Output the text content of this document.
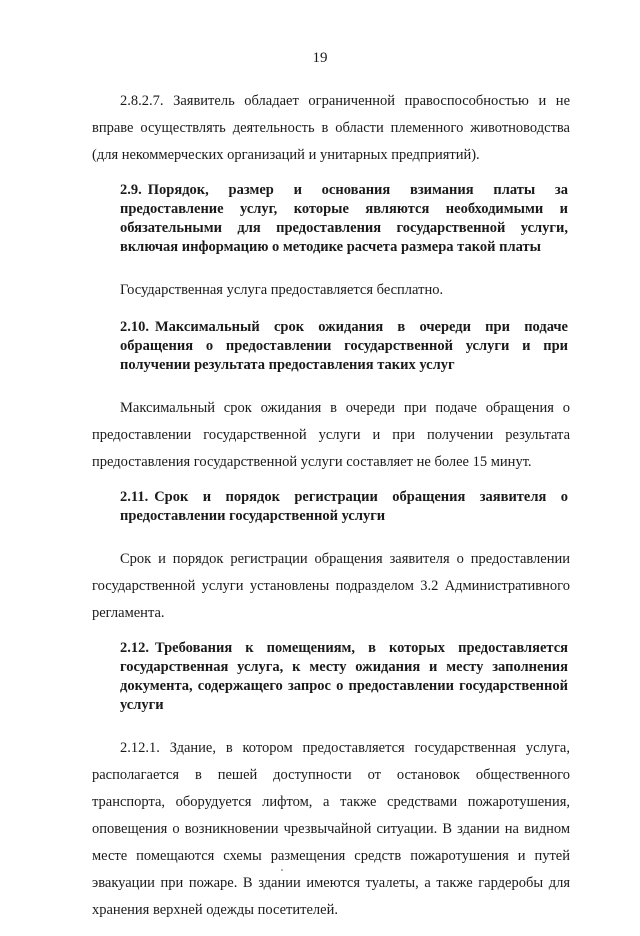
19

2.8.2.7. Заявитель обладает ограниченной правоспособностью и не вправе осуществлять деятельность в области племенного животноводства (для некоммерческих организаций и унитарных предприятий).

2.9. Порядок, размер и основания взимания платы за предоставление услуг, которые являются необходимыми и обязательными для предоставления государственной услуги, включая информацию о методике расчета размера такой платы

Государственная услуга предоставляется бесплатно.

2.10. Максимальный срок ожидания в очереди при подаче обращения о предоставлении государственной услуги и при получении результата предоставления таких услуг

Максимальный срок ожидания в очереди при подаче обращения о предоставлении государственной услуги и при получении результата предоставления государственной услуги составляет не более 15 минут.

2.11. Срок и порядок регистрации обращения заявителя о предоставлении государственной услуги

Срок и порядок регистрации обращения заявителя о предоставлении государственной услуги установлены подразделом 3.2 Административного регламента.

2.12. Требования к помещениям, в которых предоставляется государственная услуга, к месту ожидания и месту заполнения документа, содержащего запрос о предоставлении государственной услуги

2.12.1. Здание, в котором предоставляется государственная услуга, располагается в пешей доступности от остановок общественного транспорта, оборудуется лифтом, а также средствами пожаротушения, оповещения о возникновении чрезвычайной ситуации. В здании на видном месте помещаются схемы размещения средств пожаротушения и путей эвакуации при пожаре. В здании имеются туалеты, а также гардеробы для хранения верхней одежды посетителей.
